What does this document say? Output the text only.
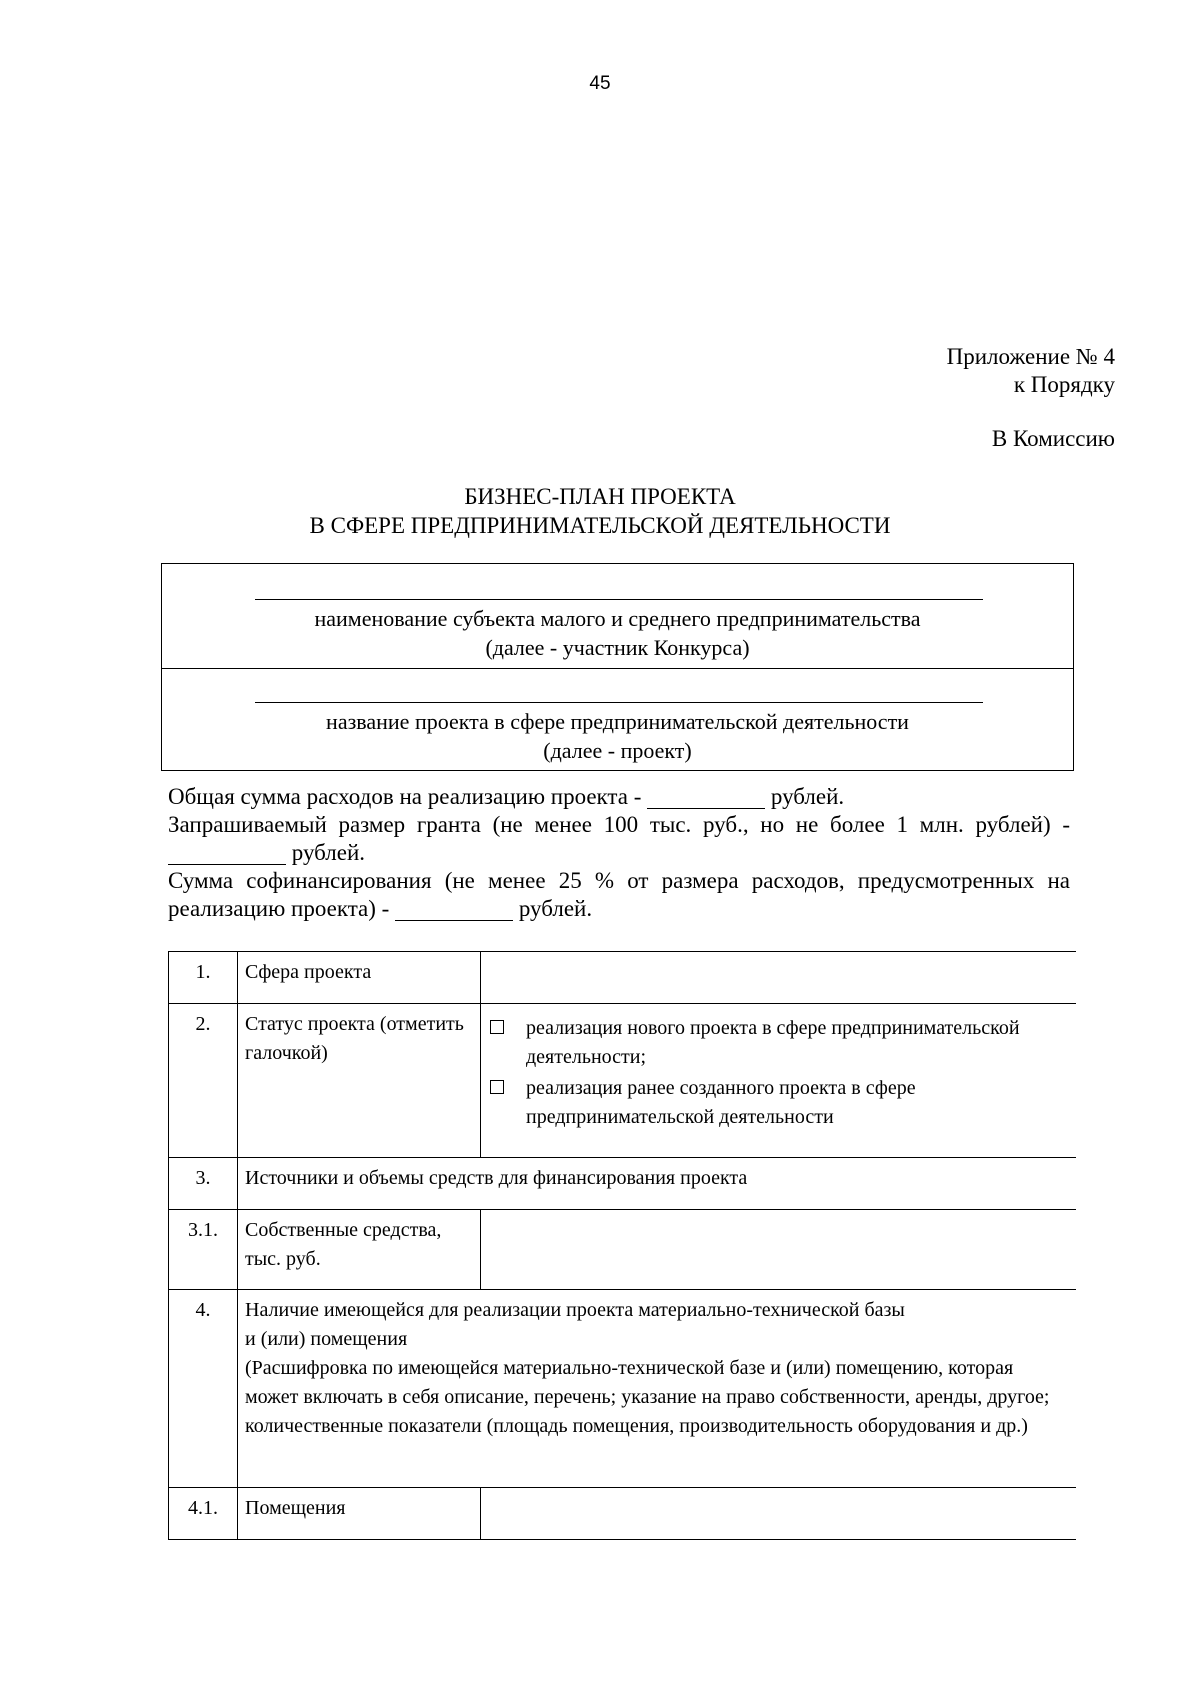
45
Приложение № 4
к Порядку
В Комиссию
БИЗНЕС-ПЛАН ПРОЕКТА
В СФЕРЕ ПРЕДПРИНИМАТЕЛЬСКОЙ ДЕЯТЕЛЬНОСТИ
наименование субъекта малого и среднего предпринимательства
(далее - участник Конкурса)
название проекта в сфере предпринимательской деятельности
(далее - проект)
Общая сумма расходов на реализацию проекта -	рублей.
Запрашиваемый размер гранта (не менее 100 тыс. руб., но не более 1 млн. рублей) -
рублей.
Сумма софинансирования (не менее 25 % от размера расходов, предусмотренных на
реализацию проекта) -	рублей.
1.	Сфера проекта	
2.	Статус проекта (отметить галочкой)	реализация нового проекта в сфере предпринимательской деятельности;
реализация ранее созданного проекта в сфере предпринимательской деятельности

3.	Источники и объемы средств для финансирования проекта	
3.1.	Собственные средства, тыс. руб.	
4.	Наличие имеющейся для реализации проекта материально-технической базы
и (или) помещения
(Расшифровка по имеющейся материально-технической базе и (или) помещению, которая может включать в себя описание, перечень; указание на право собственности, аренды, другое; количественные показатели (площадь помещения, производительность оборудования и др.)	

4.1.	Помещения	
